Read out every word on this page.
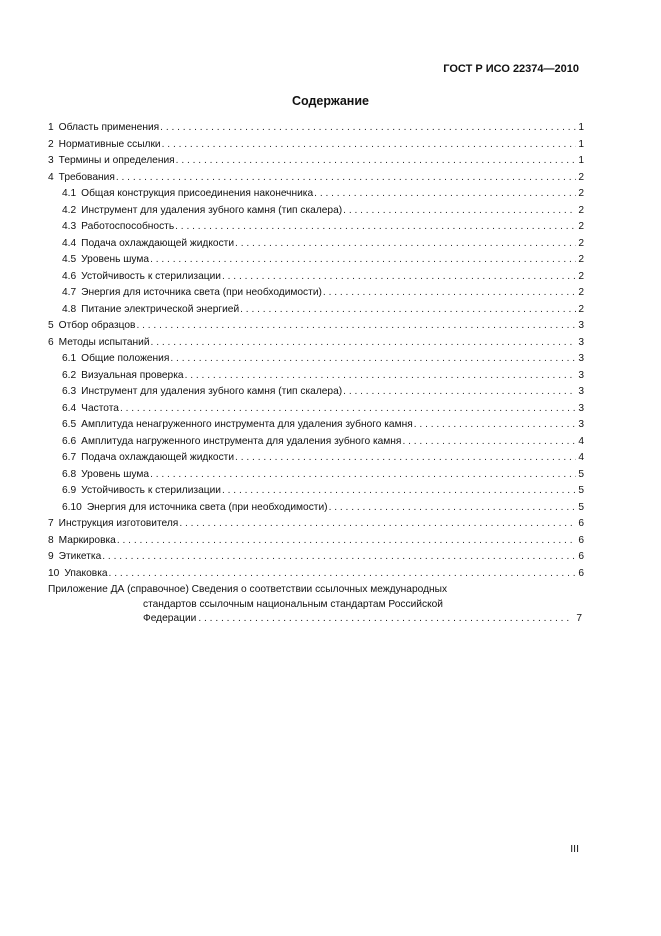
ГОСТ Р ИСО 22374—2010
Содержание
1 Область применения . . .	1
2 Нормативные ссылки . . .	1
3 Термины и определения . . .	1
4 Требования . . .	2
4.1 Общая конструкция присоединения наконечника . . .	2
4.2 Инструмент для удаления зубного камня (тип скалера) . . .	2
4.3 Работоспособность . . .	2
4.4 Подача охлаждающей жидкости . . .	2
4.5 Уровень шума . . .	2
4.6 Устойчивость к стерилизации . . .	2
4.7 Энергия для источника света (при необходимости) . . .	2
4.8 Питание электрической энергией . . .	2
5 Отбор образцов . . .	3
6 Методы испытаний . . .	3
6.1 Общие положения . . .	3
6.2 Визуальная проверка . . .	3
6.3 Инструмент для удаления зубного камня (тип скалера) . . .	3
6.4 Частота . . .	3
6.5 Амплитуда ненагруженного инструмента для удаления зубного камня . . .	3
6.6 Амплитуда нагруженного инструмента для удаления зубного камня . . .	4
6.7 Подача охлаждающей жидкости . . .	4
6.8 Уровень шума . . .	5
6.9 Устойчивость к стерилизации . . .	5
6.10 Энергия для источника света (при необходимости) . . .	5
7 Инструкция изготовителя . . .	6
8 Маркировка . . .	6
9 Этикетка . . .	6
10 Упаковка . . .	6
Приложение ДА (справочное) Сведения о соответствии ссылочных международных
стандартов ссылочным национальным стандартам Российской
Федерации . . .	7
III
